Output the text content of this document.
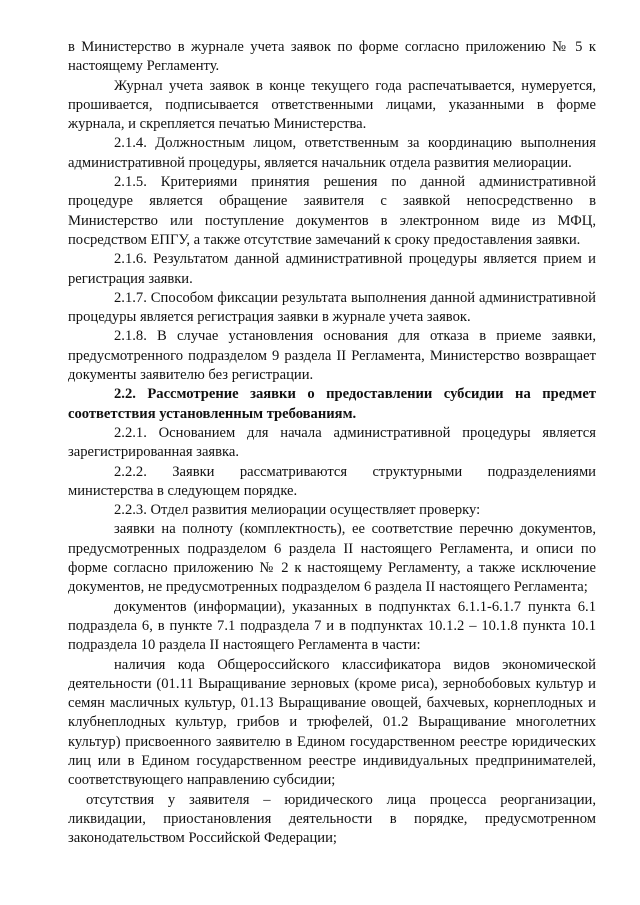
в Министерство в журнале учета заявок по форме согласно приложению № 5 к настоящему Регламенту.

Журнал учета заявок в конце текущего года распечатывается, нумеруется, прошивается, подписывается ответственными лицами, указанными в форме журнала, и скрепляется печатью Министерства.

2.1.4. Должностным лицом, ответственным за координацию выполнения административной процедуры, является начальник отдела развития мелиорации.

2.1.5. Критериями принятия решения по данной административной процедуре является обращение заявителя с заявкой непосредственно в Министерство или поступление документов в электронном виде из МФЦ, посредством ЕПГУ, а также отсутствие замечаний к сроку предоставления заявки.

2.1.6. Результатом данной административной процедуры является прием и регистрация заявки.

2.1.7. Способом фиксации результата выполнения данной административной процедуры является регистрация заявки в журнале учета заявок.

2.1.8. В случае установления основания для отказа в приеме заявки, предусмотренного подразделом 9 раздела II Регламента, Министерство возвращает документы заявителю без регистрации.

2.2. Рассмотрение заявки о предоставлении субсидии на предмет соответствия установленным требованиям.

2.2.1. Основанием для начала административной процедуры является зарегистрированная заявка.

2.2.2. Заявки рассматриваются структурными подразделениями министерства в следующем порядке.

2.2.3. Отдел развития мелиорации осуществляет проверку:

заявки на полноту (комплектность), ее соответствие перечню документов, предусмотренных подразделом 6 раздела II настоящего Регламента, и описи по форме согласно приложению № 2 к настоящему Регламенту, а также исключение документов, не предусмотренных подразделом 6 раздела II настоящего Регламента;

документов (информации), указанных в подпунктах 6.1.1-6.1.7 пункта 6.1 подраздела 6, в пункте 7.1 подраздела 7 и в подпунктах 10.1.2 – 10.1.8 пункта 10.1 подраздела 10 раздела II настоящего Регламента в части:

наличия кода Общероссийского классификатора видов экономической деятельности (01.11 Выращивание зерновых (кроме риса), зернобобовых культур и семян масличных культур, 01.13 Выращивание овощей, бахчевых, корнеплодных и клубнеплодных культур, грибов и трюфелей, 01.2 Выращивание многолетних культур) присвоенного заявителю в Едином государственном реестре юридических лиц или в Едином государственном реестре индивидуальных предпринимателей, соответствующего направлению субсидии;

отсутствия у заявителя – юридического лица процесса реорганизации, ликвидации, приостановления деятельности в порядке, предусмотренном законодательством Российской Федерации;
